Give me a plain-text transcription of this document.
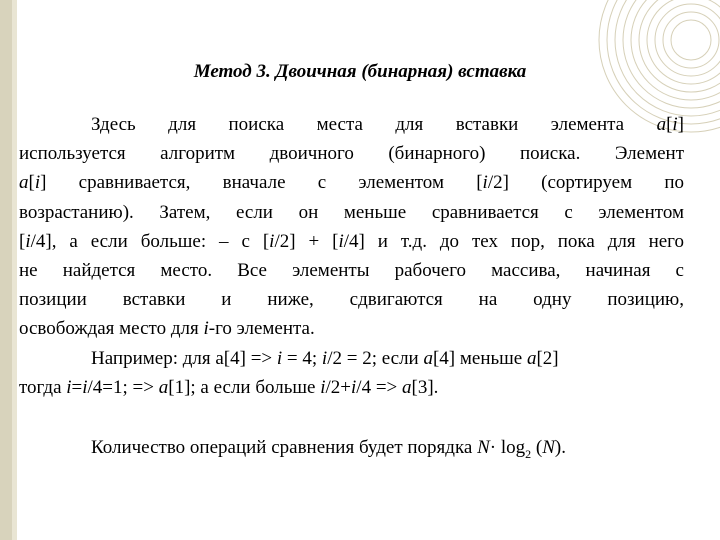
Метод 3. Двоичная (бинарная) вставка

Здесь для поиска места для вставки элемента a[i]

используется алгоритм двоичного (бинарного) поиска. Элемент

a[i] сравнивается, вначале с элементом [i/2] (сортируем по

возрастанию). Затем, если он меньше сравнивается с элементом

[i/4], а если больше: – с [i/2] + [i/4] и т.д. до тех пор, пока для него

не найдется место. Все элементы рабочего массива, начиная с

позиции вставки и ниже, сдвигаются на одну позицию,

освобождая место для i-го элемента.

Например: для a[4] => i = 4; i/2 = 2; если a[4] меньше a[2]

тогда i=i/4=1; => a[1]; а если больше i/2+i/4 => a[3].

Количество операций сравнения будет порядка $N\cdot \log_2 (N)$.
